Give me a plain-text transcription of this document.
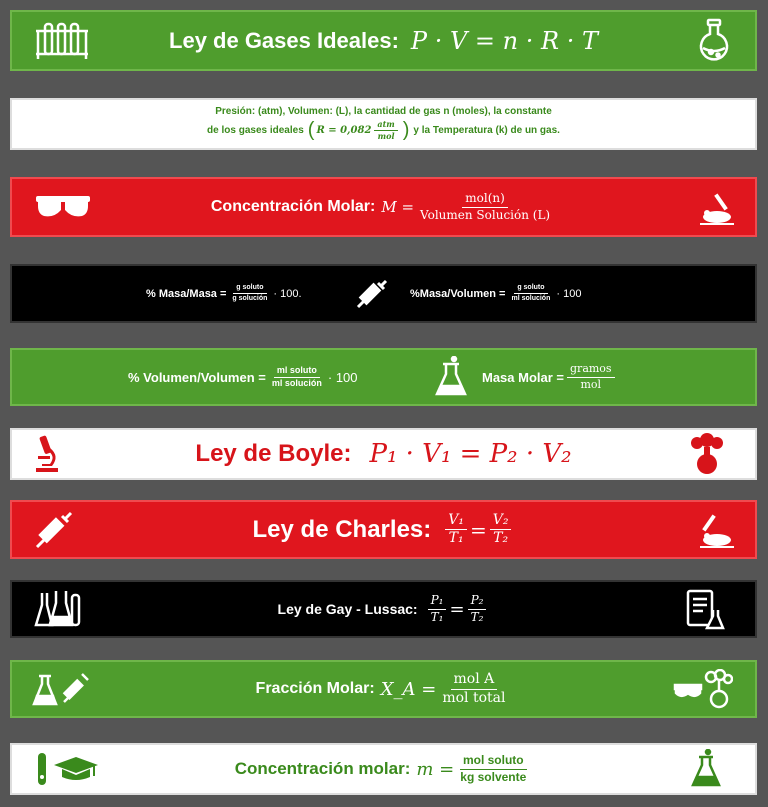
Ley de Gases Ideales: P · V = n · R · T
Presión: (atm), Volumen: (L), la cantidad de gas n (moles), la constante
de los gases ideales ( $R = 0,082 \frac{\text{atm}}{\text{mol}}$ ) y la Temperatura (k) de un gas.
Concentración Molar: $M = \frac{\text{mol(n)}}{\text{Volumen Solución (L)}}$
% Masa/Masa = $\frac{\text{g soluto}}{\text{g solución}} \cdot 100$.	%Masa/Volumen = $\frac{\text{g soluto}}{\text{ml solución}} \cdot 100$
% Volumen/Volumen = $\frac{\text{ml soluto}}{\text{ml solución}} \cdot 100$	Masa Molar = $\frac{\text{gramos}}{\text{mol}}$
Ley de Boyle: P₁ · V₁ = P₂ · V₂
Ley de Charles: $\frac{\text{V₁}}{\text{T₁}} = \frac{\text{V₂}}{\text{T₂}}$
Ley de Gay - Lussac: $\frac{\text{P₁}}{\text{T₁}} = \frac{\text{P₂}}{\text{T₂}}$
Fracción Molar: X_A = $\frac{\text{mol A}}{\text{mol total}}$
Concentración molar: $m = \frac{\text{mol soluto}}{\text{kg solvente}}$
